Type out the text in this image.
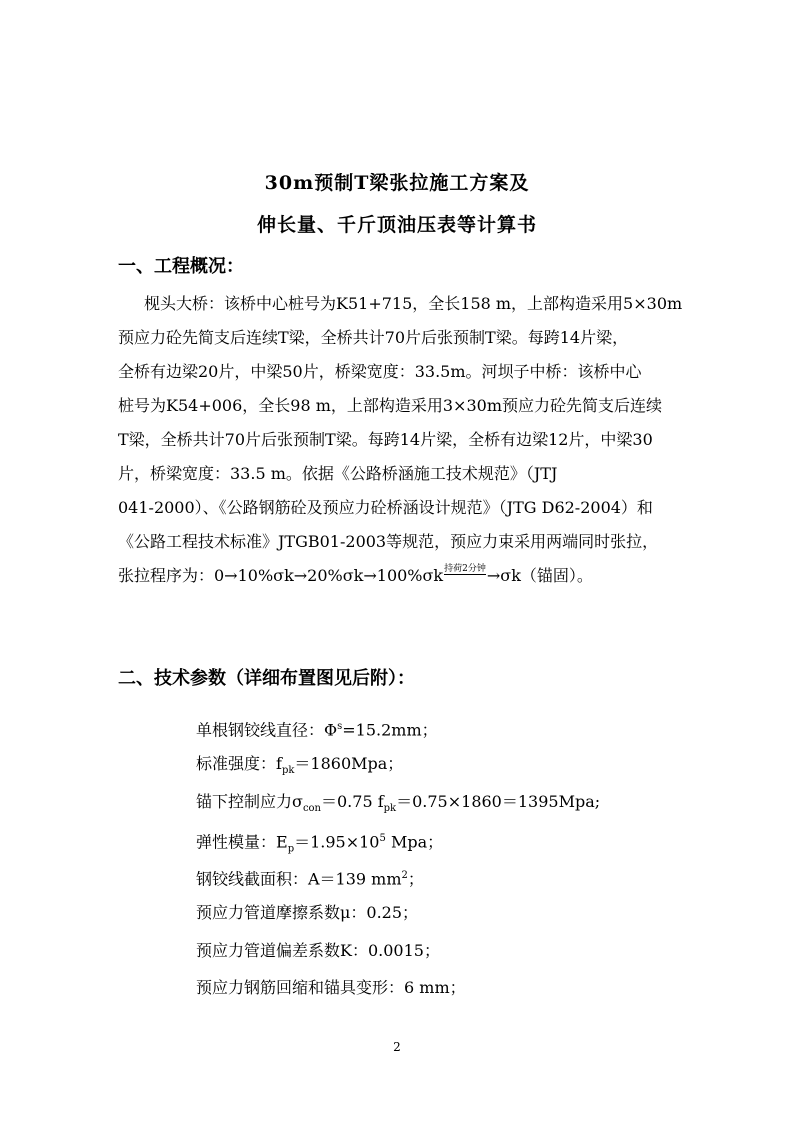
30m预制T梁张拉施工方案及
伸长量、千斤顶油压表等计算书
一、工程概况：
枧头大桥：该桥中心桩号为K51+715，全长158 m，上部构造采用5×30m
预应力砼先简支后连续T梁，全桥共计70片后张预制T梁。每跨14片梁，
全桥有边梁20片，中梁50片，桥梁宽度：33.5m。河坝子中桥：该桥中心
桩号为K54+006，全长98 m，上部构造采用3×30m预应力砼先简支后连续
T梁，全桥共计70片后张预制T梁。每跨14片梁，全桥有边梁12片，中梁30
片，桥梁宽度：33.5 m。依据《公路桥涵施工技术规范》（JTJ
041-2000）、《公路钢筋砼及预应力砼桥涵设计规范》（JTG D62-2004）和
《公路工程技术标准》JTGB01-2003等规范，预应力束采用两端同时张拉，
张拉程序为：0→10%σk→20%σk→100%σk持荷2分钟→σk（锚固）。
二、技术参数（详细布置图见后附）：
单根钢铰线直径：$\Phi^s=15.2mm$；
标准强度：$f_{pk}=1860Mpa$；
锚下控制应力$\sigma_{con}=0.75$ $f_{pk}=0.75\times 1860=1395Mpa$;
弹性模量：$E_p=1.95\times 10^5$ Mpa；
钢铰线截面积：A＝139 $mm^2$；
预应力管道摩擦系数μ：0.25；
预应力管道偏差系数K：0.0015；
预应力钢筋回缩和锚具变形：6 mm；
2
